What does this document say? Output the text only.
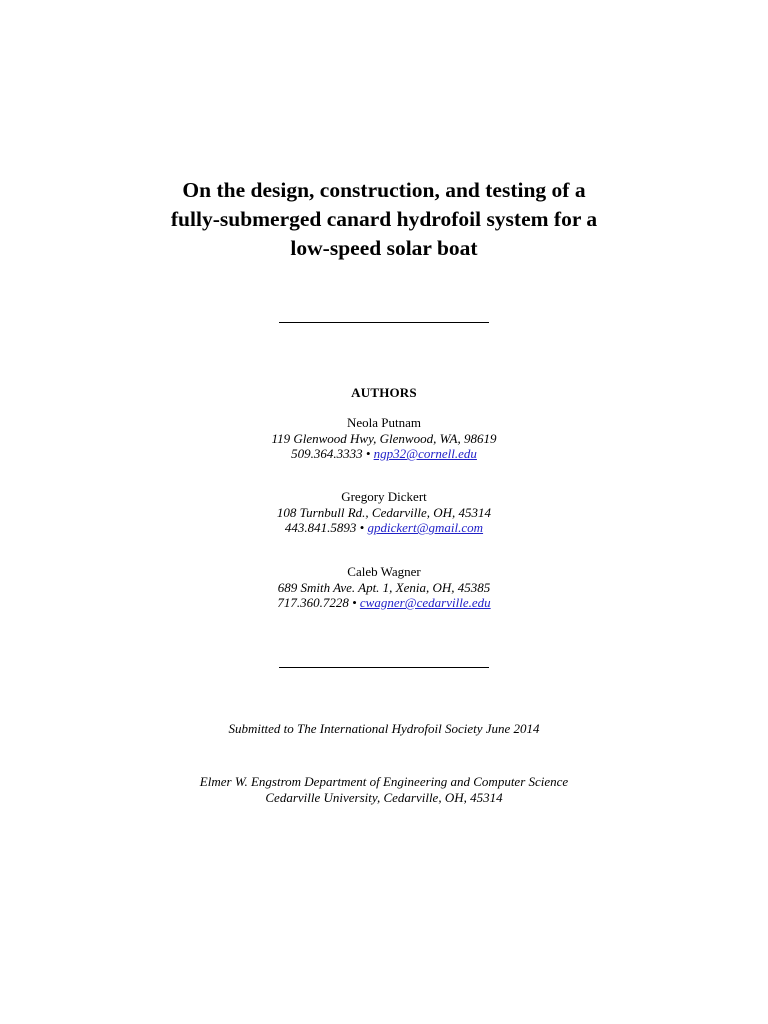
On the design, construction, and testing of a
fully-submerged canard hydrofoil system for a
low-speed solar boat
AUTHORS
Neola Putnam
119 Glenwood Hwy, Glenwood, WA, 98619
509.364.3333 • ngp32@cornell.edu
Gregory Dickert
108 Turnbull Rd., Cedarville, OH, 45314
443.841.5893 • gpdickert@gmail.com
Caleb Wagner
689 Smith Ave. Apt. 1, Xenia, OH, 45385
717.360.7228 • cwagner@cedarville.edu
Submitted to The International Hydrofoil Society June 2014
Elmer W. Engstrom Department of Engineering and Computer Science
Cedarville University, Cedarville, OH, 45314
